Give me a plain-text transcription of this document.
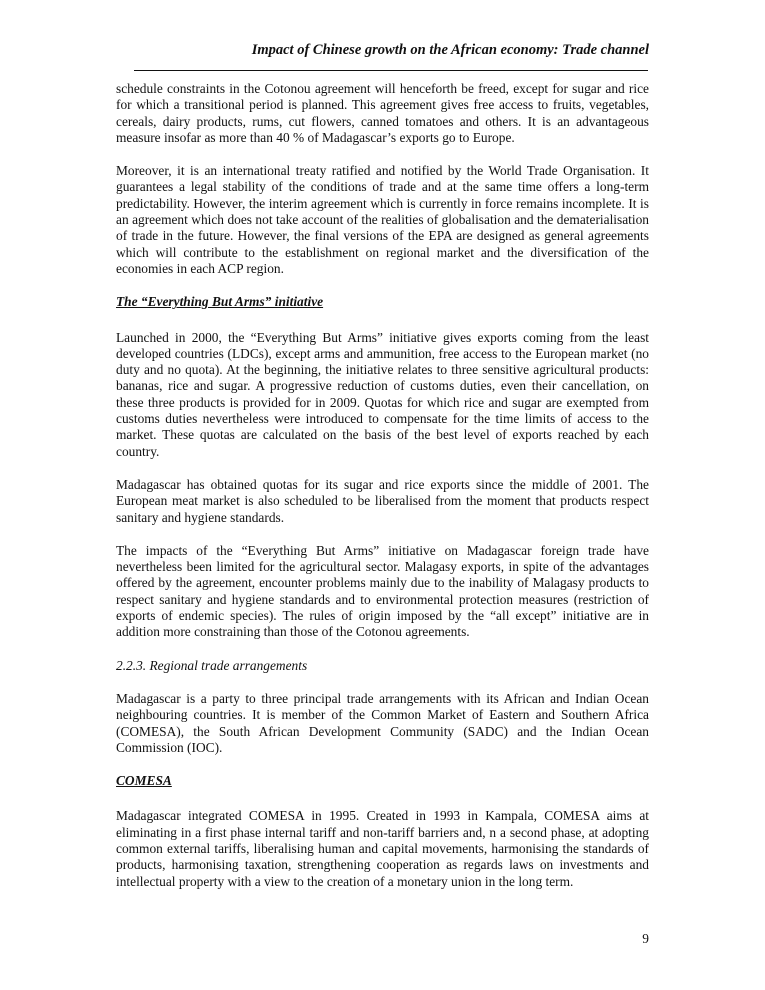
Impact of Chinese growth on the African economy: Trade channel

schedule constraints in the Cotonou agreement will henceforth be freed, except for sugar and rice for which a transitional period is planned. This agreement gives free access to fruits, vegetables, cereals, dairy products, rums, cut flowers, canned tomatoes and others. It is an advantageous measure insofar as more than 40 % of Madagascar’s exports go to Europe.

Moreover, it is an international treaty ratified and notified by the World Trade Organisation. It guarantees a legal stability of the conditions of trade and at the same time offers a long-term predictability. However, the interim agreement which is currently in force remains incomplete. It is an agreement which does not take account of the realities of globalisation and the dematerialisation of trade in the future. However, the final versions of the EPA are designed as general agreements which will contribute to the establishment on regional market and the diversification of the economies in each ACP region.

The “Everything But Arms” initiative

Launched in 2000, the “Everything But Arms” initiative gives exports coming from the least developed countries (LDCs), except arms and ammunition, free access to the European market (no duty and no quota). At the beginning, the initiative relates to three sensitive agricultural products: bananas, rice and sugar. A progressive reduction of customs duties, even their cancellation, on these three products is provided for in 2009. Quotas for which rice and sugar are exempted from customs duties nevertheless were introduced to compensate for the time limits of access to the market. These quotas are calculated on the basis of the best level of exports reached by each country.

Madagascar has obtained quotas for its sugar and rice exports since the middle of 2001. The European meat market is also scheduled to be liberalised from the moment that products respect sanitary and hygiene standards.

The impacts of the “Everything But Arms” initiative on Madagascar foreign trade have nevertheless been limited for the agricultural sector. Malagasy exports, in spite of the advantages offered by the agreement, encounter problems mainly due to the inability of Malagasy products to respect sanitary and hygiene standards and to environmental protection measures (restriction of exports of endemic species). The rules of origin imposed by the “all except” initiative are in addition more constraining than those of the Cotonou agreements.

2.2.3. Regional trade arrangements

Madagascar is a party to three principal trade arrangements with its African and Indian Ocean neighbouring countries. It is member of the Common Market of Eastern and Southern Africa (COMESA), the South African Development Community (SADC) and the Indian Ocean Commission (IOC).

COMESA

Madagascar integrated COMESA in 1995. Created in 1993 in Kampala, COMESA aims at eliminating in a first phase internal tariff and non-tariff barriers and, n a second phase, at adopting common external tariffs, liberalising human and capital movements, harmonising the standards of products, harmonising taxation, strengthening cooperation as regards laws on investments and intellectual property with a view to the creation of a monetary union in the long term.

9
